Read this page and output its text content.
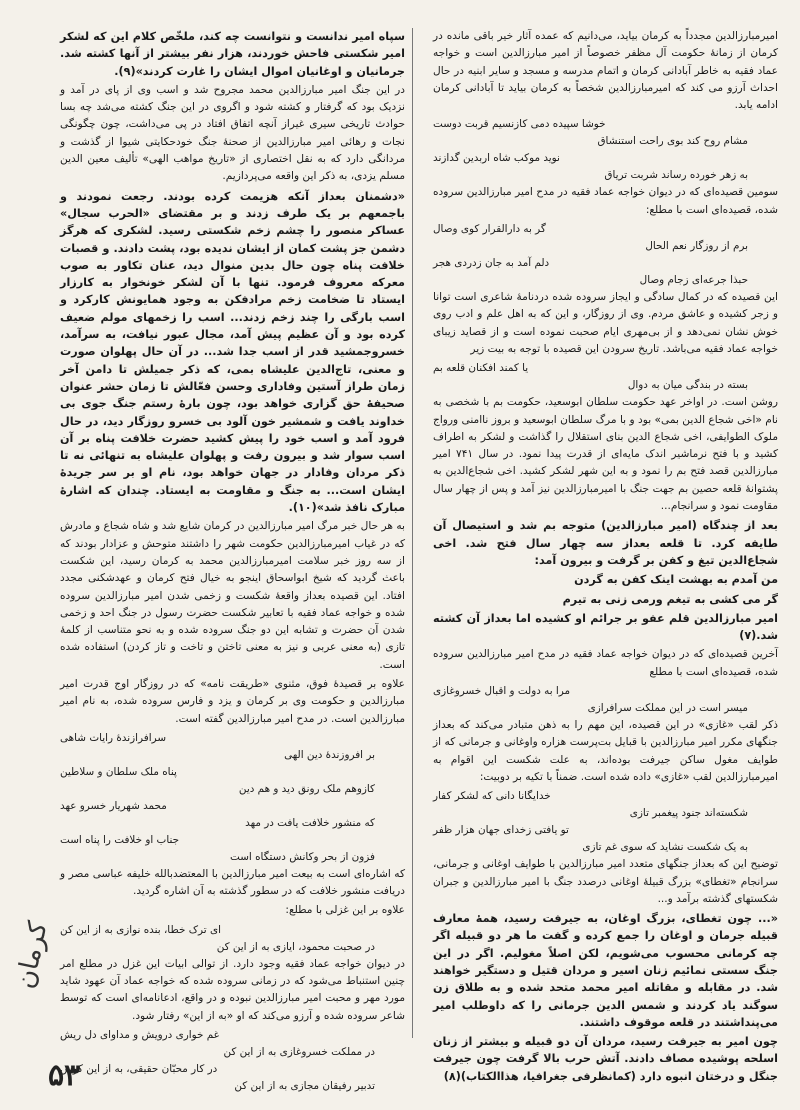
امیرمبارزالدین مجدداً به کرمان بیاید، می‌دانیم که عمده آثار خیر باقی مانده در کرمان از زمانهٔ حکومت آل مظفر خصوصاً از امیر مبارزالدین است و خواجه عماد فقیه به خاطر آبادانی کرمان و اتمام مدرسه و مسجد و سایر ابنیه در حال احداث آرزو می کند که امیرمبارزالدین شخصاً به کرمان بیاید تا آبادانی کرمان ادامه یابد.

خوشا سپیده دمی کازنسیم قربت دوست
مشام روح کند بوی راحت استنشاق
نوید موکب شاه اربدین گدازند
به زهر خورده رساند شربت تریاق

سومین قصیده‌ای که در دیوان خواجه عماد فقیه در مدح امیر مبارزالدین سروده شده، قصیده‌ای است با مطلع:

گر به دارالقرار کوی وصال
برم از روزگار نعم الحال
دلم آمد به جان زدردی هجر
حبذا جرعه‌ای زجام وصال

این قصیده که در کمال سادگی و ایجاز سروده شده دردنامهٔ شاعری است توانا و زجر کشیده و عاشق مردم. وی از روزگار، و این که به اهل علم و ادب روی خوش نشان نمی‌دهد و از بی‌مهری ایام صحبت نموده است و از قصاید زیبای خواجه عماد فقیه می‌باشد. تاریخ سرودن این قصیده با توجه به بیت زیر

یا کمند افکنان قلعه بم
بسته در بندگی میان به دوال

روشن است. در اواخر عهد حکومت سلطان ابوسعید، حکومت بم با شخصی به نام «اخی شجاع الدین بمی» بود و با مرگ سلطان ابوسعید و بروز نا‌امنی ورواج ملوک الطوایفی، اخی شجاع الدین بنای استقلال را گذاشت و لشکر به اطراف کشید و با فتح نرماشیر اندک مایه‌ای از قدرت پیدا نمود. در سال ۷۴۱ امیر مبارزالدین قصد فتح بم را نمود و به این شهر لشکر کشید. اخی شجاع‌الدین به پشتوانهٔ قلعه حصین بم جهت جنگ با امیرمبارزالدین نیز آمد و پس از چهار سال مقاومت نمود و سرانجام...

بعد از چندگاه (امیر مبارزالدین) متوجه بم شد و استیصال آن طایفه کرد. تا قلعه بعداز سه چهار سال فتح شد. اخی شجاع‌الدین تیغ و کفن بر گرفت و بیرون آمد:

من آمدم به بهشت اینک کفن به گردن

گر می کشی به تیغم ورمی زنی به تیرم

امیر مبارزالدین قلم عفو بر جرائم او کشیده اما بعداز آن کشته شد.(۷)

آخرین قصیده‌ای که در دیوان خواجه عماد فقیه در مدح امیر مبارزالدین سروده شده، قصیده‌ای است با مطلع

مرا به دولت و اقبال خسروغازی
میسر است در این مملکت سرافرازی

ذکر لقب «غازی» در این قصیده، این مهم را به ذهن متبادر می‌کند که بعداز جنگهای مکرر امیر مبارزالدین با قبایل بت‌پرست هزاره واوغانی و جرمانی که از طوایف مغول ساکن جیرفت بوده‌اند، به علت شکست این اقوام به امیرمبارزالدین لقب «غازی» داده شده است. ضمناً با تکیه بر دوبیت:

خدایگانا دانی که لشکر کفار
شکسته‌اند جنود پیغمبر تازی
تو یافتی زخدای جهان هزار ظفر
به یک شکست نشاید که سوی غم تازی

توضیح این که بعداز جنگهای متعدد امیر مبارزالدین با طوایف اوغانی و جرمانی، سرانجام «تغطای» بزرگ قبیلهٔ اوغانی درصدد جنگ با امیر مبارزالدین و جبران شکستهای گذشته برآمد و...

«... چون تغطای، بزرگ اوغان، به جیرفت رسید، همهٔ معارف قبیله جرمان و اوغان را جمع کرده و گفت ما هر دو قبیله اگر چه کرمانی محسوب می‌شویم، لکن اصلاً مغولیم. اگر در این جنگ سستی نمائیم زنان اسیر و مردان قتیل و دستگیر خواهند شد. در مقابله و مقاتله امیر محمد متحد شده و به طلاق زن سوگند یاد کردند و شمس الدین جرمانی را که داوطلب امیر می‌پنداشتند در قلعه موقوف داشتند.

چون امیر به جیرفت رسید، مردان آن دو قبیله و بیشتر از زنان اسلحه پوشیده مصاف دادند. آتش حرب بالا گرفت چون جیرفت جنگل و درختان انبوه دارد (کمانظرفی جغرافیا، هذاالکتاب)(۸)

سپاه امیر ندانست و نتوانست چه کند، ملخّص کلام این که لشکر امیر شکستی فاحش خوردند، هزار نفر بیشتر از آنها کشته شد. جرمانیان و اوغانیان اموال ایشان را غارت کردند»(۹).

در این جنگ امیر مبارزالدین محمد مجروح شد و اسب وی از پای در آمد و نزدیک بود که گرفتار و کشته شود و اگروی در این جنگ کشته می‌شد چه بسا حوادث تاریخی سیری غیراز آنچه اتفاق افتاد در پی می‌داشت، چون چگونگی نجات و رهائی امیر مبارزالدین از صحنهٔ جنگ خودحکایتی شیوا از گذشت و مردانگی دارد که به نقل اختصاری از «تاریخ مواهب الهی» تألیف معین الدین مسلم یزدی، به ذکر این واقعه می‌پردازیم.

«دشمنان بعداز آنکه هزیمت کرده بودند. رجعت نمودند و باجمعهم بر یک طرف زدند و بر مقتضای «الحرب سجال» عساکر منصور را چشم زخم شکستی رسید. لشکری که هرگز دشمن جز پشت کمان از ایشان ندیده بود، پشت دادند. و قصبات خلافت پناه چون حال بدین منوال دید، عنان تکاور به صوب معرکه معروف فرمود. تنها با آن لشکر خونخوار به کارزار ایستاد تا ضخامت زخم مرادفکن به وجود همایونش کارکرد و اسب بارگی را چند زخم زدند... اسب را زخمهای مولم ضعیف کرده بود و آن عظیم پیش آمد، مجال عبور نیافت، به سرآمد، خسروجمشید قدر از اسب جدا شد... در آن حال پهلوان صورت و معنی، تاج‌الدین علیشاه بمی، که ذکر جمیلش تا دامن آخر زمان طراز آستین وفاداری وحسن فعّالش تا زمان حشر عنوان صحیفهٔ حق گزاری خواهد بود، چون بارهٔ رستم جنگ جوی بی خداوند یافت و شمشیر خون آلود بی خسرو روزگار دید، در حال فرود آمد و اسب خود را پیش کشید حضرت خلافت پناه بر آن اسب سوار شد و بیرون رفت و پهلوان علیشاه به تنهائی نه تا ذکر مردان وفادار در جهان خواهد بود، نام او بر سر جریدهٔ ایشان است... به جنگ و مقاومت به ایستاد. چندان که اشارهٔ مبارک نافذ شد»(۱۰).

به هر حال خبر مرگ امیر مبارزالدین در کرمان شایع شد و شاه شجاع و مادرش که در غیاب امیرمبارزالدین حکومت شهر را داشتند متوحش و عزادار بودند که از سه روز خبر سلامت امیرمبارزالدین محمد به کرمان رسید، این شکست باعث گردید که شیخ ابواسحاق اینجو به خیال فتح کرمان و عهدشکنی مجدد افتاد. این قصیده بعداز واقعهٔ شکست و زخمی شدن امیر مبارزالدین سروده شده و خواجه عماد فقیه با تعابیر شکست حضرت رسول در جنگ احد و زخمی شدن آن حضرت و تشابه این دو جنگ سروده شده و به نحو متناسب از کلمهٔ تازی (به معنی عربی و نیز به معنی تاختن و تاخت و تاز کردن) استفاده شده است.

علاوه بر قصیدهٔ فوق، مثنوی «طریقت نامه» که در روزگار اوج قدرت امیر مبارزالدین و حکومت وی بر کرمان و یزد و فارس سروده شده، به نام امیر مبارزالدین است. در مدح امیر مبارزالدین گفته است.

سرافرازندهٔ رایات شاهی
بر افروزندهٔ دین الهی
پناه ملک سلطان و سلاطین
کازوهم ملک رونق دید و هم دین
محمد شهریار خسرو عهد
که منشور خلافت یافت در مهد
جناب او خلافت را پناه است
فزون از بحر وکانش دستگاه است

که اشاره‌ای است به بیعت امیر مبارزالدین با المعتضدبالله خلیفه عباسی مصر و دریافت منشور خلافت که در سطور گذشته به آن اشاره گردید.

علاوه بر این غزلی با مطلع:

ای ترک خطا، بنده نوازی به از این کن
در صحبت محمود، ایازی به از این کن

در دیوان خواجه عماد فقیه وجود دارد. از توالی ابیات این غزل در مطلع امر چنین استنباط می‌شود که در زمانی سروده شده که خواجه عماد آن عهود شاید مورد مهر و محبت امیر مبارزالدین نبوده و در واقع، ادعانامه‌ای است که توسط شاعر سروده شده و آرزو می‌کند که او «به از این» رفتار شود.

غم خواری درویش و مداوای دل ریش
در مملکت خسروغازی به از این کن
در کار محبّان حقیقی، به از این کوش
تدبیر رفیقان مجازی به از این کن
کرمان
۵۳
